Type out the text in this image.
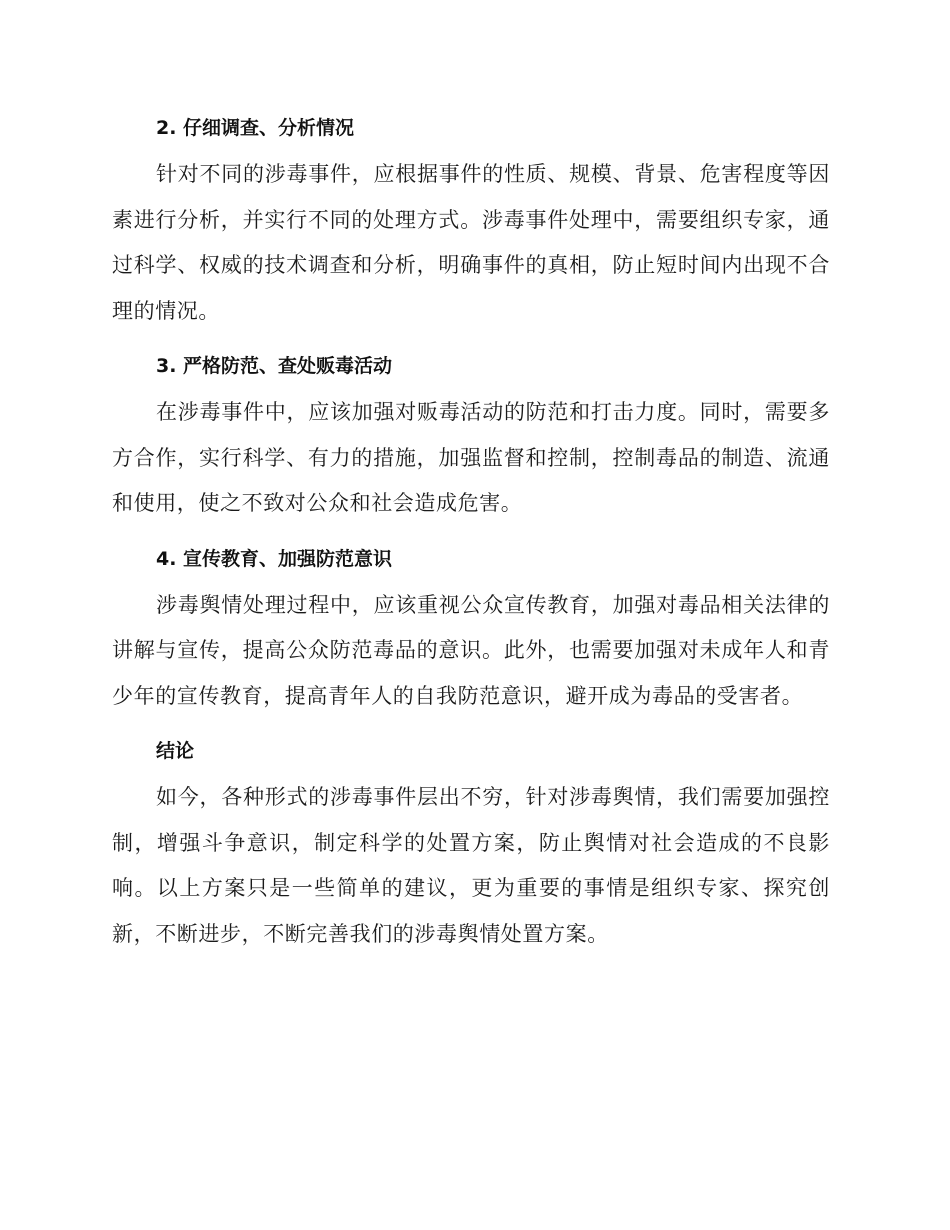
2. 仔细调查、分析情况

针对不同的涉毒事件，应根据事件的性质、规模、背景、危害程度等因素进行分析，并实行不同的处理方式。涉毒事件处理中，需要组织专家，通过科学、权威的技术调查和分析，明确事件的真相，防止短时间内出现不合理的情况。

3. 严格防范、查处贩毒活动

在涉毒事件中，应该加强对贩毒活动的防范和打击力度。同时，需要多方合作，实行科学、有力的措施，加强监督和控制，控制毒品的制造、流通和使用，使之不致对公众和社会造成危害。

4. 宣传教育、加强防范意识

涉毒舆情处理过程中，应该重视公众宣传教育，加强对毒品相关法律的讲解与宣传，提高公众防范毒品的意识。此外，也需要加强对未成年人和青少年的宣传教育，提高青年人的自我防范意识，避开成为毒品的受害者。

结论

如今，各种形式的涉毒事件层出不穷，针对涉毒舆情，我们需要加强控制，增强斗争意识，制定科学的处置方案，防止舆情对社会造成的不良影响。以上方案只是一些简单的建议，更为重要的事情是组织专家、探究创新，不断进步，不断完善我们的涉毒舆情处置方案。
